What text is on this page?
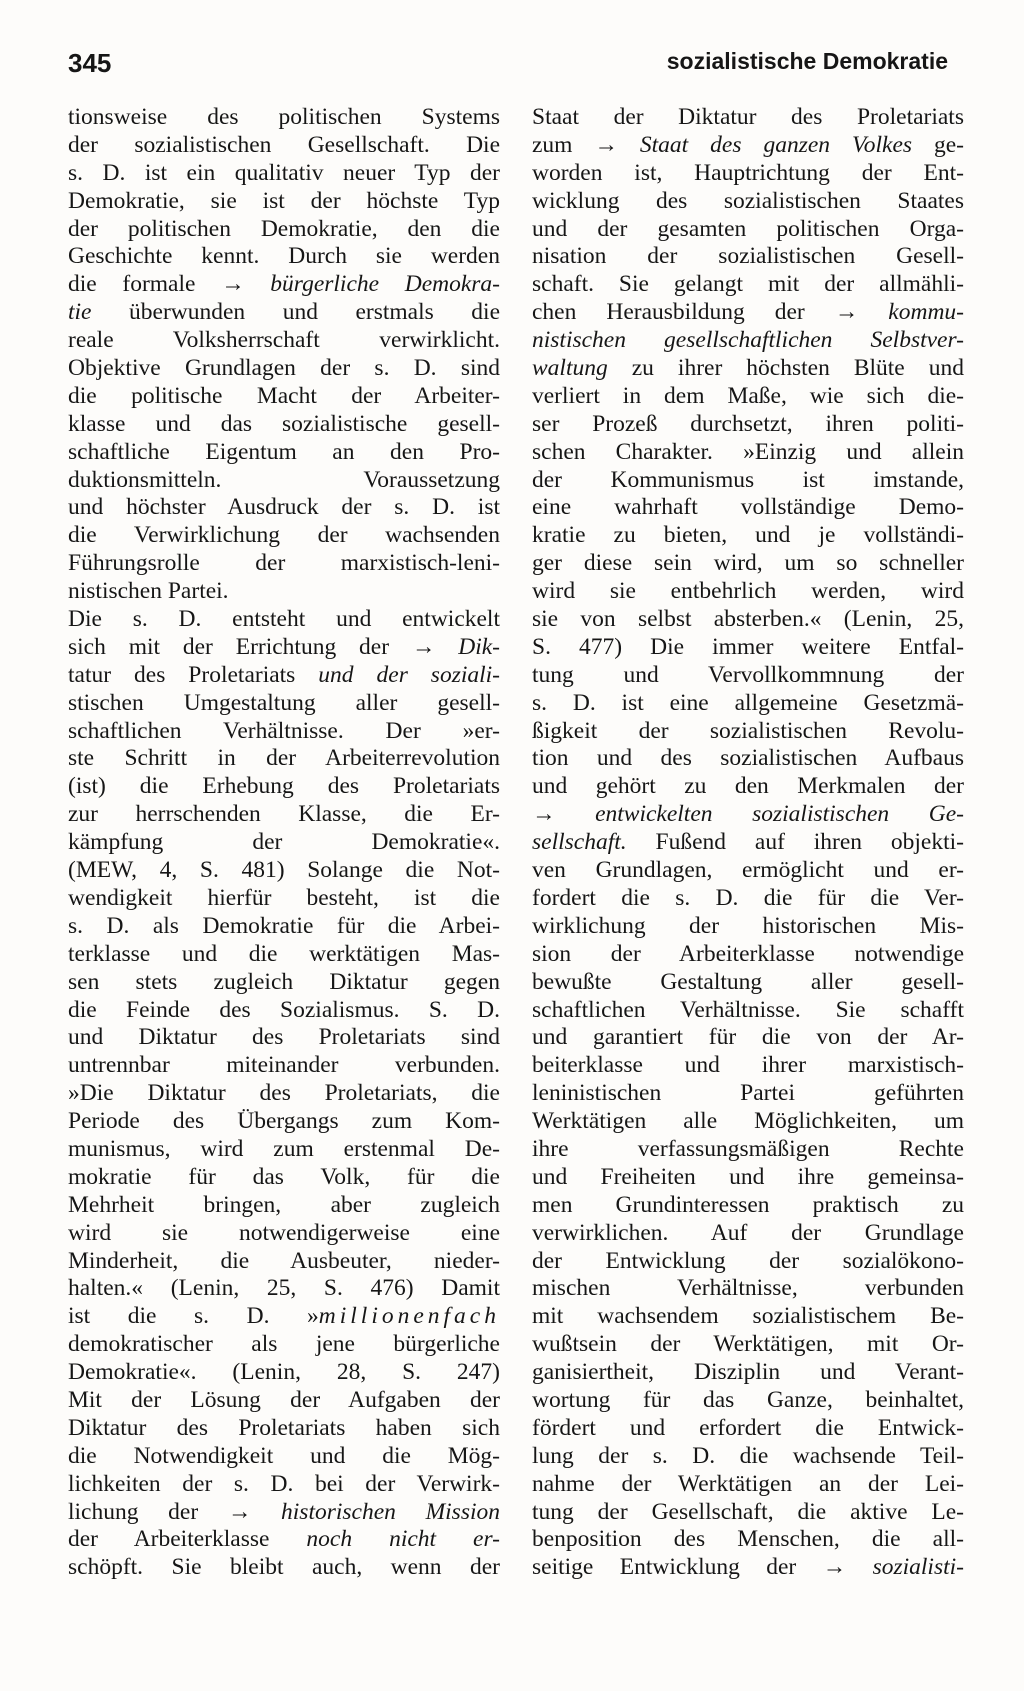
345	sozialistische Demokratie
tionsweise des politischen Systems
der sozialistischen Gesellschaft. Die
s. D. ist ein qualitativ neuer Typ der
Demokratie, sie ist der höchste Typ
der politischen Demokratie, den die
Geschichte kennt. Durch sie werden
die formale → bürgerliche Demokra-
tie überwunden und erstmals die
reale Volksherrschaft verwirklicht.
Objektive Grundlagen der s. D. sind
die politische Macht der Arbeiter-
klasse und das sozialistische gesell-
schaftliche Eigentum an den Pro-
duktionsmitteln. Voraussetzung
und höchster Ausdruck der s. D. ist
die Verwirklichung der wachsenden
Führungsrolle der marxistisch-leni-
nistischen Partei.
Die s. D. entsteht und entwickelt
sich mit der Errichtung der → Dik-
tatur des Proletariats und der soziali-
stischen Umgestaltung aller gesell-
schaftlichen Verhältnisse. Der »er-
ste Schritt in der Arbeiterrevolution
(ist) die Erhebung des Proletariats
zur herrschenden Klasse, die Er-
kämpfung der Demokratie«.
(MEW, 4, S. 481) Solange die Not-
wendigkeit hierfür besteht, ist die
s. D. als Demokratie für die Arbei-
terklasse und die werktätigen Mas-
sen stets zugleich Diktatur gegen
die Feinde des Sozialismus. S. D.
und Diktatur des Proletariats sind
untrennbar miteinander verbunden.
»Die Diktatur des Proletariats, die
Periode des Übergangs zum Kom-
munismus, wird zum erstenmal De-
mokratie für das Volk, für die
Mehrheit bringen, aber zugleich
wird sie notwendigerweise eine
Minderheit, die Ausbeuter, nieder-
halten.« (Lenin, 25, S. 476) Damit
ist die s. D. »millionenfach
demokratischer als jene bürgerliche
Demokratie«. (Lenin, 28, S. 247)
Mit der Lösung der Aufgaben der
Diktatur des Proletariats haben sich
die Notwendigkeit und die Mög-
lichkeiten der s. D. bei der Verwirk-
lichung der → historischen Mission
der Arbeiterklasse noch nicht er-
schöpft. Sie bleibt auch, wenn der
Staat der Diktatur des Proletariats
zum → Staat des ganzen Volkes ge-
worden ist, Hauptrichtung der Ent-
wicklung des sozialistischen Staates
und der gesamten politischen Orga-
nisation der sozialistischen Gesell-
schaft. Sie gelangt mit der allmähli-
chen Herausbildung der → kommu-
nistischen gesellschaftlichen Selbstver-
waltung zu ihrer höchsten Blüte und
verliert in dem Maße, wie sich die-
ser Prozeß durchsetzt, ihren politi-
schen Charakter. »Einzig und allein
der Kommunismus ist imstande,
eine wahrhaft vollständige Demo-
kratie zu bieten, und je vollständi-
ger diese sein wird, um so schneller
wird sie entbehrlich werden, wird
sie von selbst absterben.« (Lenin, 25,
S. 477) Die immer weitere Entfal-
tung und Vervollkommnung der
s. D. ist eine allgemeine Gesetzmä-
ßigkeit der sozialistischen Revolu-
tion und des sozialistischen Aufbaus
und gehört zu den Merkmalen der
→ entwickelten sozialistischen Ge-
sellschaft. Fußend auf ihren objekti-
ven Grundlagen, ermöglicht und er-
fordert die s. D. die für die Ver-
wirklichung der historischen Mis-
sion der Arbeiterklasse notwendige
bewußte Gestaltung aller gesell-
schaftlichen Verhältnisse. Sie schafft
und garantiert für die von der Ar-
beiterklasse und ihrer marxistisch-
leninistischen Partei geführten
Werktätigen alle Möglichkeiten, um
ihre verfassungsmäßigen Rechte
und Freiheiten und ihre gemeinsa-
men Grundinteressen praktisch zu
verwirklichen. Auf der Grundlage
der Entwicklung der sozialökono-
mischen Verhältnisse, verbunden
mit wachsendem sozialistischem Be-
wußtsein der Werktätigen, mit Or-
ganisiertheit, Disziplin und Verant-
wortung für das Ganze, beinhaltet,
fördert und erfordert die Entwick-
lung der s. D. die wachsende Teil-
nahme der Werktätigen an der Lei-
tung der Gesellschaft, die aktive Le-
benposition des Menschen, die all-
seitige Entwicklung der → sozialisti-
